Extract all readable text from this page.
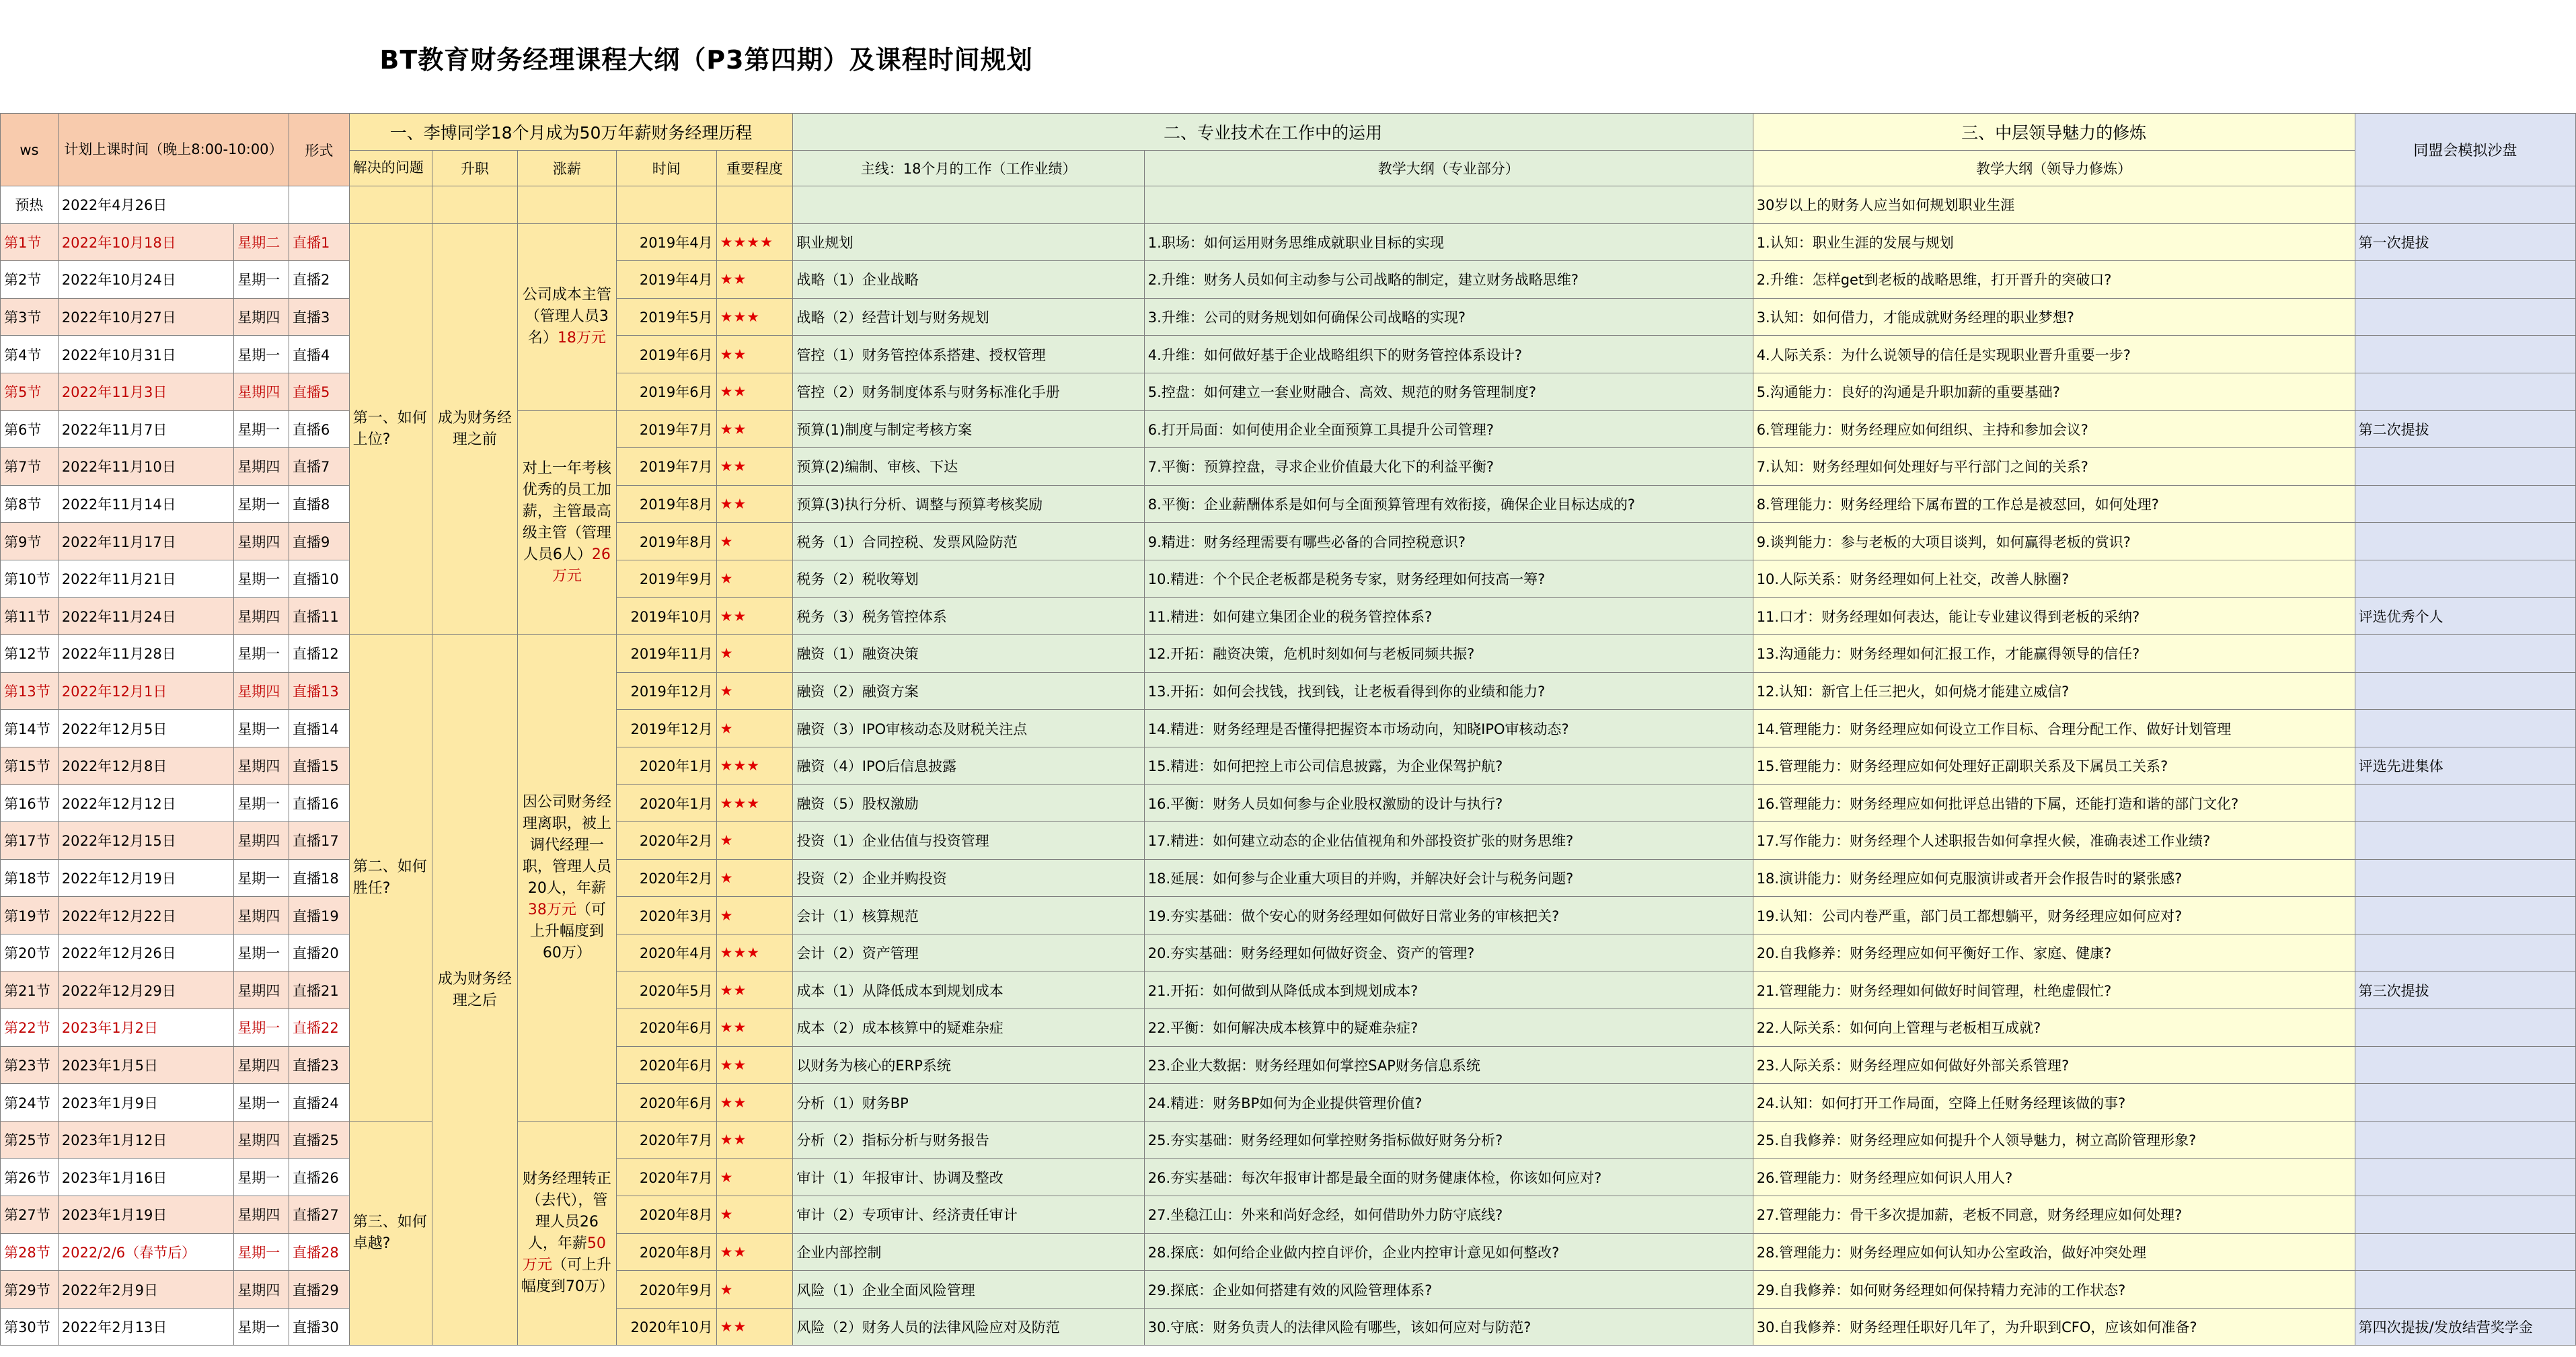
BT教育财务经理课程大纲（P3第四期）及课程时间规划
ws	计划上课时间（晚上8:00-10:00）		形式	一、李博同学18个月成为50万年薪财务经理历程					二、专业技术在工作中的运用		三、中层领导魅力的修炼	同盟会模拟沙盘
				解决的问题	升职	涨薪	时间	重要程度	主线：18个月的工作（工作业绩）	教学大纲（专业部分）	教学大纲（领导力修炼）	
预热	2022年4月26日										30岁以上的财务人应当如何规划职业生涯	
第1节	2022年10月18日	星期二	直播1	第一、如何上位?	成为财务经理之前	公司成本主管（管理人员3名）18万元	2019年4月	★★★★	职业规划	1.职场：如何运用财务思维成就职业目标的实现	1.认知：职业生涯的发展与规划	第一次提拔
第2节	2022年10月24日	星期一	直播2				2019年4月	★★	战略（1）企业战略	2.升维：财务人员如何主动参与公司战略的制定，建立财务战略思维?	2.升维：怎样get到老板的战略思维，打开晋升的突破口?	
第3节	2022年10月27日	星期四	直播3				2019年5月	★★★	战略（2）经营计划与财务规划	3.升维：公司的财务规划如何确保公司战略的实现?	3.认知：如何借力，才能成就财务经理的职业梦想?	
第4节	2022年10月31日	星期一	直播4				2019年6月	★★	管控（1）财务管控体系搭建、授权管理	4.升维：如何做好基于企业战略组织下的财务管控体系设计?	4.人际关系：为什么说领导的信任是实现职业晋升重要一步?	
第5节	2022年11月3日	星期四	直播5				2019年6月	★★	管控（2）财务制度体系与财务标准化手册	5.控盘：如何建立一套业财融合、高效、规范的财务管理制度?	5.沟通能力：良好的沟通是升职加薪的重要基础?	
第6节	2022年11月7日	星期一	直播6			对上一年考核优秀的员工加薪，主管最高级主管（管理人员6人）26万元	2019年7月	★★	预算(1)制度与制定考核方案	6.打开局面：如何使用企业全面预算工具提升公司管理?	6.管理能力：财务经理应如何组织、主持和参加会议?	第二次提拔
第7节	2022年11月10日	星期四	直播7				2019年7月	★★	预算(2)编制、审核、下达	7.平衡：预算控盘，寻求企业价值最大化下的利益平衡?	7.认知：财务经理如何处理好与平行部门之间的关系?	
第8节	2022年11月14日	星期一	直播8				2019年8月	★★	预算(3)执行分析、调整与预算考核奖励	8.平衡：企业薪酬体系是如何与全面预算管理有效衔接，确保企业目标达成的?	8.管理能力：财务经理给下属布置的工作总是被怼回，如何处理?	
第9节	2022年11月17日	星期四	直播9				2019年8月	★	税务（1）合同控税、发票风险防范	9.精进：财务经理需要有哪些必备的合同控税意识?	9.谈判能力：参与老板的大项目谈判，如何赢得老板的赏识?	
第10节	2022年11月21日	星期一	直播10				2019年9月	★	税务（2）税收筹划	10.精进：个个民企老板都是税务专家，财务经理如何技高一筹?	10.人际关系：财务经理如何上社交，改善人脉圈?	
第11节	2022年11月24日	星期四	直播11				2019年10月	★★	税务（3）税务管控体系	11.精进：如何建立集团企业的税务管控体系?	11.口才：财务经理如何表达，能让专业建议得到老板的采纳?	评选优秀个人
第12节	2022年11月28日	星期一	直播12	第二、如何胜任?	成为财务经理之后	因公司财务经理离职，被上调代经理一职，管理人员20人，年薪38万元（可上升幅度到60万）	2019年11月	★	融资（1）融资决策	12.开拓：融资决策，危机时刻如何与老板同频共振?	13.沟通能力：财务经理如何汇报工作，才能赢得领导的信任?	
第13节	2022年12月1日	星期四	直播13				2019年12月	★	融资（2）融资方案	13.开拓：如何会找钱，找到钱，让老板看得到你的业绩和能力?	12.认知：新官上任三把火，如何烧才能建立威信?	
第14节	2022年12月5日	星期一	直播14				2019年12月	★	融资（3）IPO审核动态及财税关注点	14.精进：财务经理是否懂得把握资本市场动向，知晓IPO审核动态?	14.管理能力：财务经理应如何设立工作目标、合理分配工作、做好计划管理	
第15节	2022年12月8日	星期四	直播15				2020年1月	★★★	融资（4）IPO后信息披露	15.精进：如何把控上市公司信息披露，为企业保驾护航?	15.管理能力：财务经理应如何处理好正副职关系及下属员工关系?	评选先进集体
第16节	2022年12月12日	星期一	直播16				2020年1月	★★★	融资（5）股权激励	16.平衡：财务人员如何参与企业股权激励的设计与执行?	16.管理能力：财务经理应如何批评总出错的下属，还能打造和谐的部门文化?	
第17节	2022年12月15日	星期四	直播17				2020年2月	★	投资（1）企业估值与投资管理	17.精进：如何建立动态的企业估值视角和外部投资扩张的财务思维?	17.写作能力：财务经理个人述职报告如何拿捏火候，准确表述工作业绩?	
第18节	2022年12月19日	星期一	直播18				2020年2月	★	投资（2）企业并购投资	18.延展：如何参与企业重大项目的并购，并解决好会计与税务问题?	18.演讲能力：财务经理应如何克服演讲或者开会作报告时的紧张感?	
第19节	2022年12月22日	星期四	直播19				2020年3月	★	会计（1）核算规范	19.夯实基础：做个安心的财务经理如何做好日常业务的审核把关?	19.认知：公司内卷严重，部门员工都想躺平，财务经理应如何应对?	
第20节	2022年12月26日	星期一	直播20				2020年4月	★★★	会计（2）资产管理	20.夯实基础：财务经理如何做好资金、资产的管理?	20.自我修养：财务经理应如何平衡好工作、家庭、健康?	
第21节	2022年12月29日	星期四	直播21				2020年5月	★★	成本（1）从降低成本到规划成本	21.开拓：如何做到从降低成本到规划成本?	21.管理能力：财务经理如何做好时间管理，杜绝虚假忙?	第三次提拔
第22节	2023年1月2日	星期一	直播22				2020年6月	★★	成本（2）成本核算中的疑难杂症	22.平衡：如何解决成本核算中的疑难杂症?	22.人际关系：如何向上管理与老板相互成就?	
第23节	2023年1月5日	星期四	直播23				2020年6月	★★	以财务为核心的ERP系统	23.企业大数据：财务经理如何掌控SAP财务信息系统	23.人际关系：财务经理应如何做好外部关系管理?	
第24节	2023年1月9日	星期一	直播24				2020年6月	★★	分析（1）财务BP	24.精进：财务BP如何为企业提供管理价值?	24.认知：如何打开工作局面，空降上任财务经理该做的事?	
第25节	2023年1月12日	星期四	直播25	第三、如何卓越?		财务经理转正（去代），管理人员26人，年薪50万元（可上升幅度到70万）	2020年7月	★★	分析（2）指标分析与财务报告	25.夯实基础：财务经理如何掌控财务指标做好财务分析?	25.自我修养：财务经理应如何提升个人领导魅力，树立高阶管理形象?	
第26节	2023年1月16日	星期一	直播26				2020年7月	★	审计（1）年报审计、协调及整改	26.夯实基础：每次年报审计都是最全面的财务健康体检，你该如何应对?	26.管理能力：财务经理应如何识人用人?	
第27节	2023年1月19日	星期四	直播27				2020年8月	★	审计（2）专项审计、经济责任审计	27.坐稳江山：外来和尚好念经，如何借助外力防守底线?	27.管理能力：骨干多次提加薪，老板不同意，财务经理应如何处理?	
第28节	2022/2/6（春节后）	星期一	直播28				2020年8月	★★	企业内部控制	28.探底：如何给企业做内控自评价，企业内控审计意见如何整改?	28.管理能力：财务经理应如何认知办公室政治，做好冲突处理	
第29节	2022年2月9日	星期四	直播29				2020年9月	★	风险（1）企业全面风险管理	29.探底：企业如何搭建有效的风险管理体系?	29.自我修养：如何财务经理如何保持精力充沛的工作状态?	
第30节	2022年2月13日	星期一	直播30				2020年10月	★★	风险（2）财务人员的法律风险应对及防范	30.守底：财务负责人的法律风险有哪些，该如何应对与防范?	30.自我修养：财务经理任职好几年了，为升职到CFO，应该如何准备?	第四次提拔/发放结营奖学金
